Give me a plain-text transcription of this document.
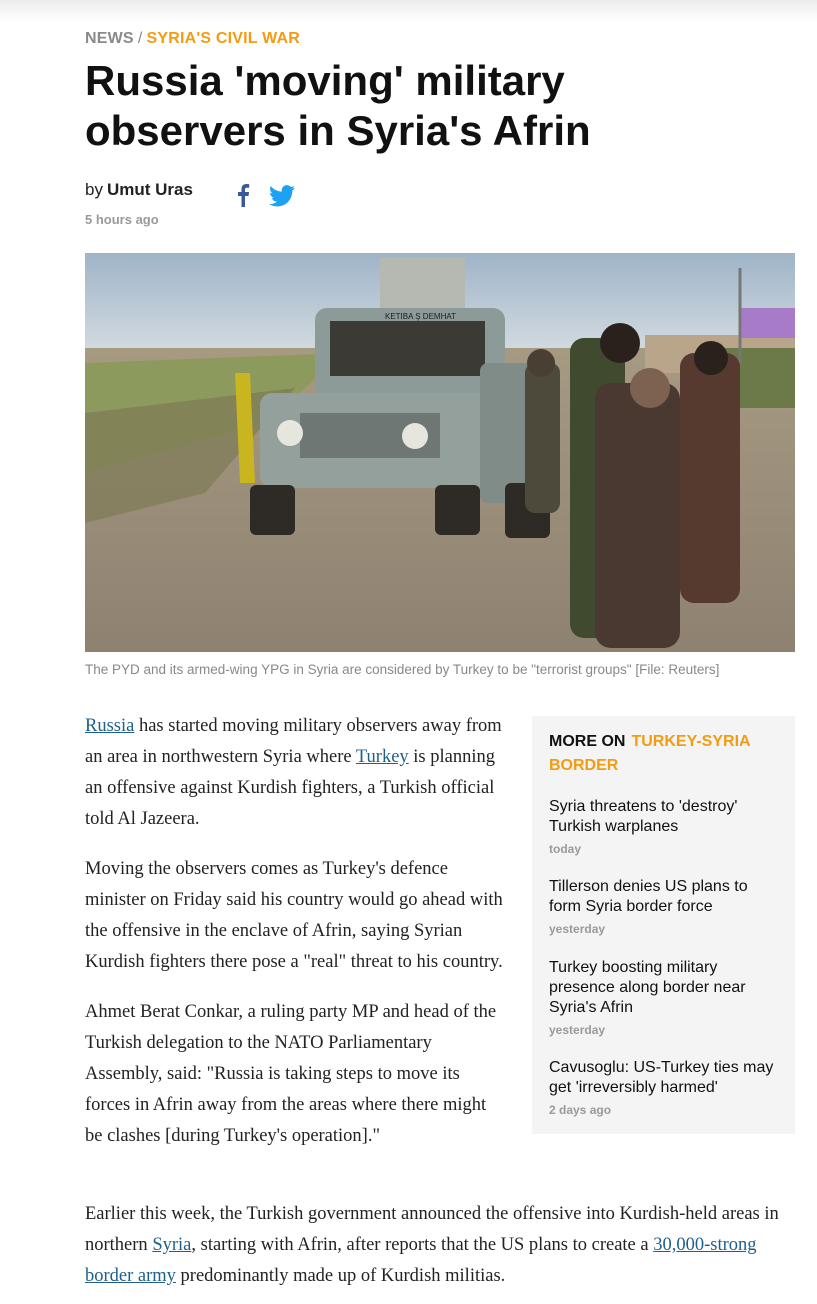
NEWS / SYRIA'S CIVIL WAR
Russia 'moving' military
observers in Syria's Afrin
by Umut Uras
5 hours ago
KETIBA Ş DEMHAT
The PYD and its armed-wing YPG in Syria are considered by Turkey to be "terrorist groups" [File: Reuters]

Russia has started moving military observers away from an area in northwestern Syria where Turkey is planning an offensive against Kurdish fighters, a Turkish official told Al Jazeera.

Moving the observers comes as Turkey's defence minister on Friday said his country would go ahead with the offensive in the enclave of Afrin, saying Syrian Kurdish fighters there pose a "real" threat to his country.

Ahmet Berat Conkar, a ruling party MP and head of the Turkish delegation to the NATO Parliamentary Assembly, said: "Russia is taking steps to move its forces in Afrin away from the areas where there might be clashes [during Turkey's operation]."

Earlier this week, the Turkish government announced the offensive into Kurdish-held areas in northern Syria, starting with Afrin, after reports that the US plans to create a 30,000-strong border army predominantly made up of Kurdish militias.

MORE ON TURKEY-SYRIA BORDER
Syria threatens to 'destroy' Turkish warplanes
today
Tillerson denies US plans to form Syria border force
yesterday
Turkey boosting military presence along border near Syria's Afrin
yesterday
Cavusoglu: US-Turkey ties may get 'irreversibly harmed'
2 days ago
